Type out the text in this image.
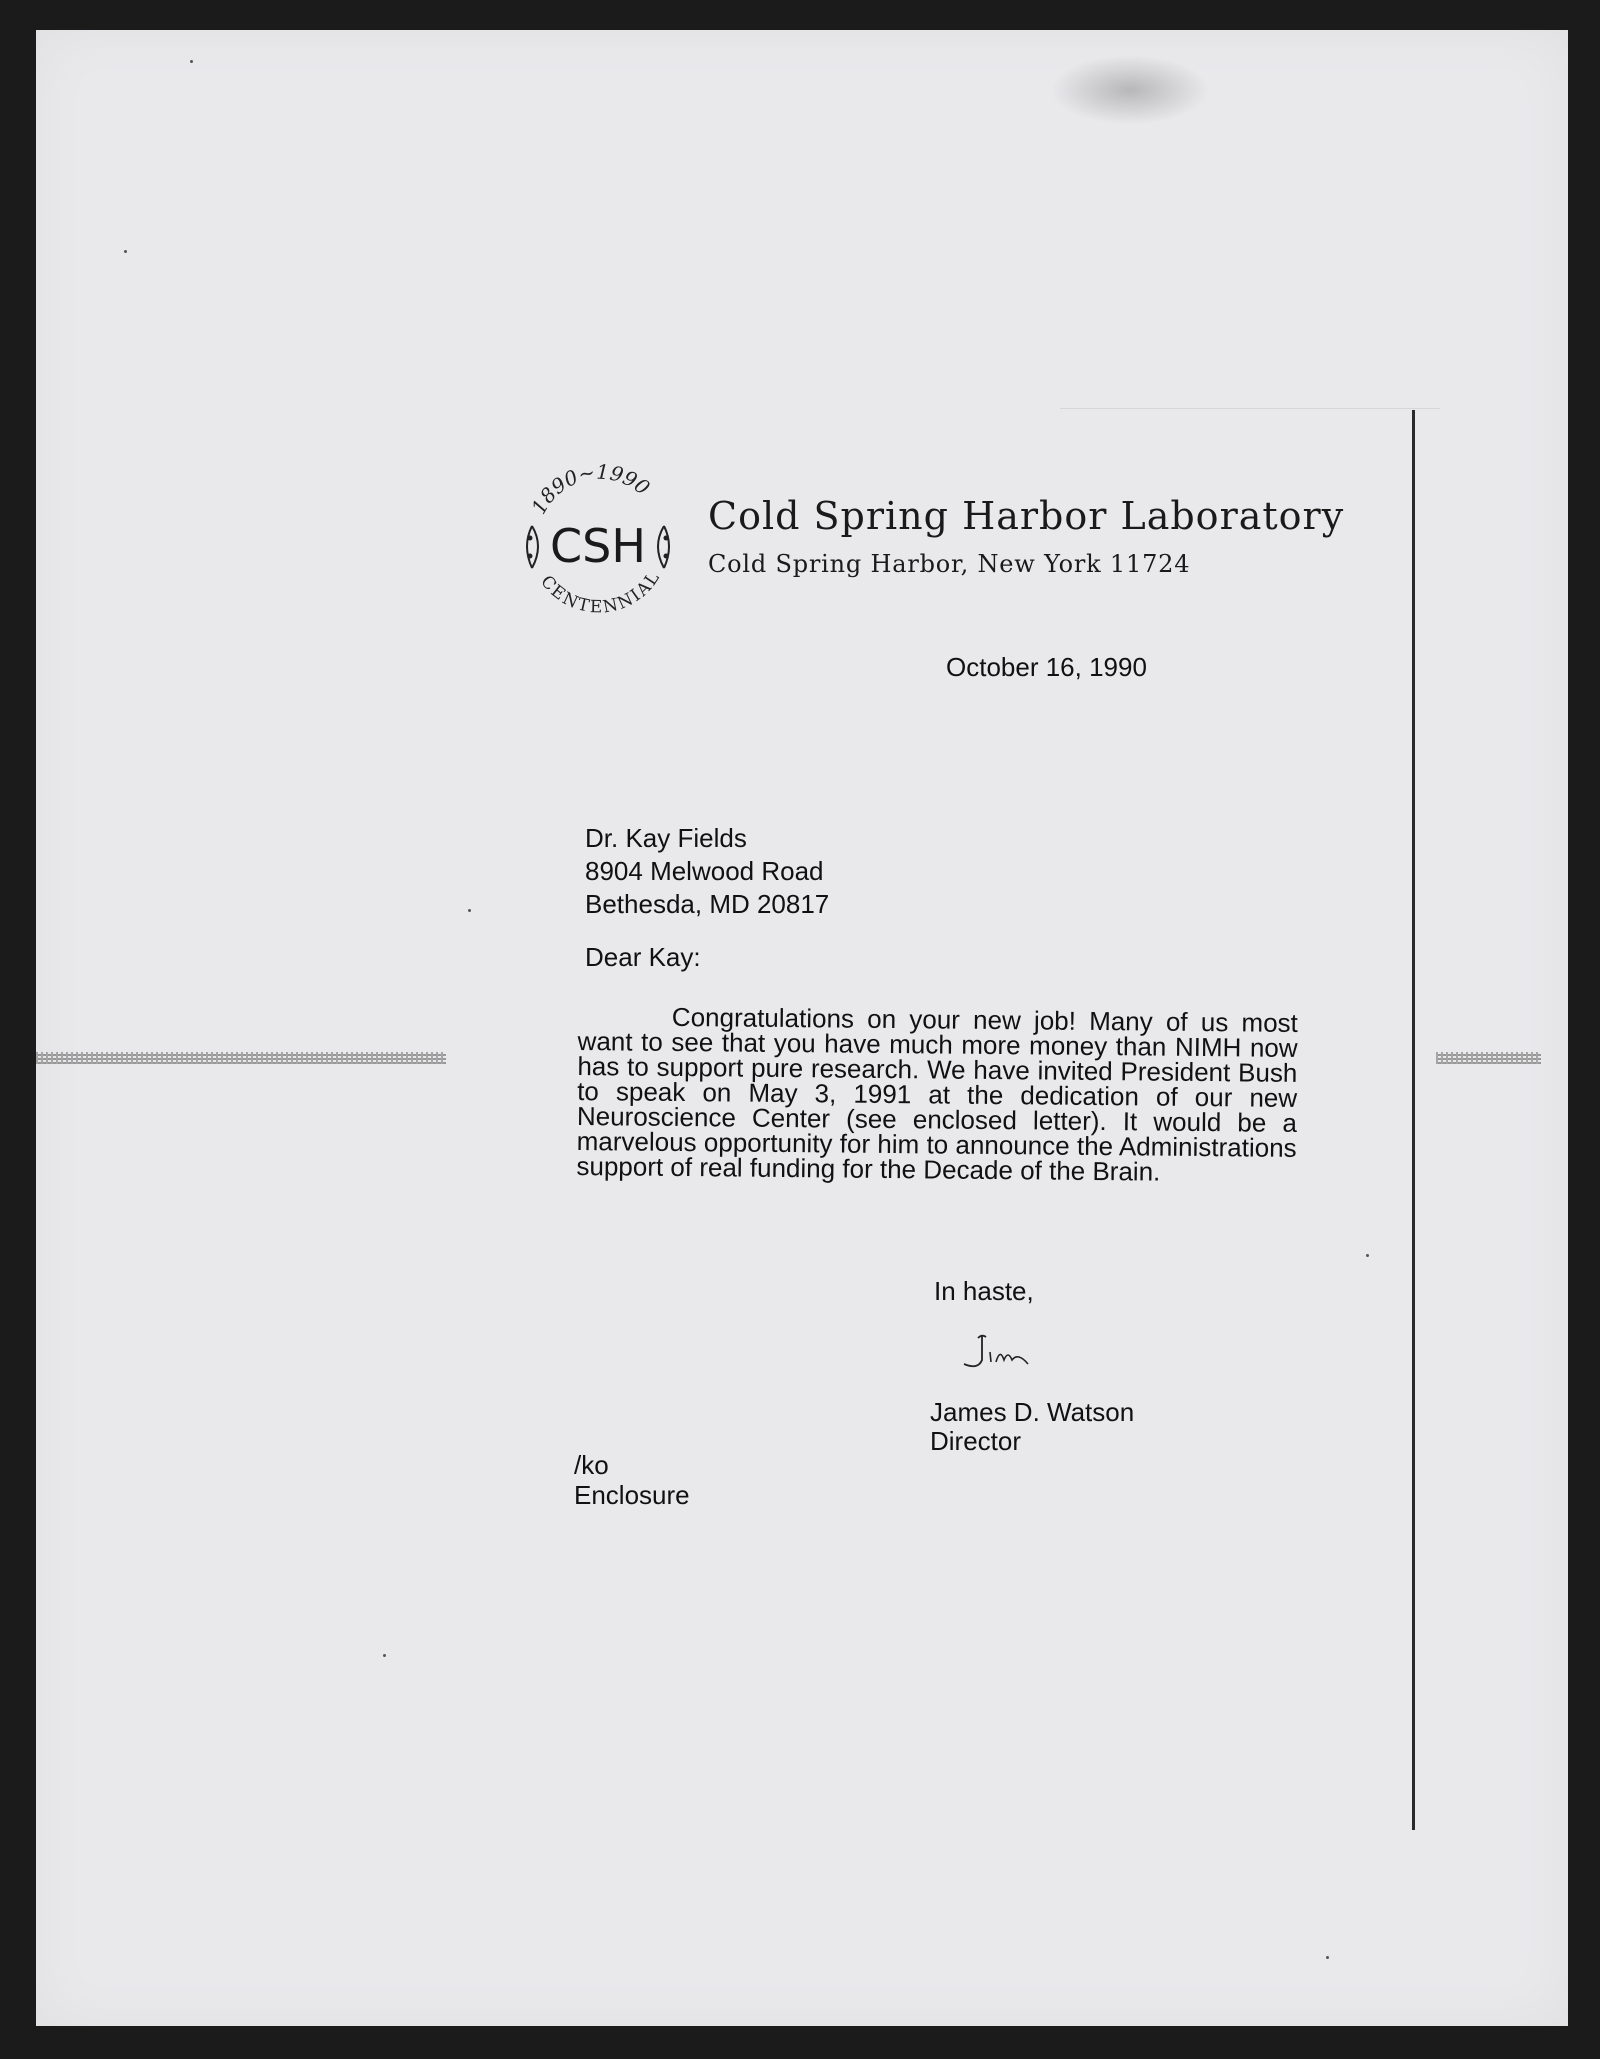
1890~1990
CSH
CENTENNIAL
Cold Spring Harbor Laboratory
Cold Spring Harbor, New York 11724
October 16, 1990
Dr. Kay Fields
8904 Melwood Road
Bethesda, MD 20817
Dear Kay:
Congratulations on your new job! Many of us most want to see that you have much more money than NIMH now has to support pure research. We have invited President Bush to speak on May 3, 1991 at the dedication of our new Neuroscience Center (see enclosed letter). It would be a marvelous opportunity for him to announce the Administrations support of real funding for the Decade of the Brain.
In haste,
James D. Watson
Director
/ko
Enclosure
